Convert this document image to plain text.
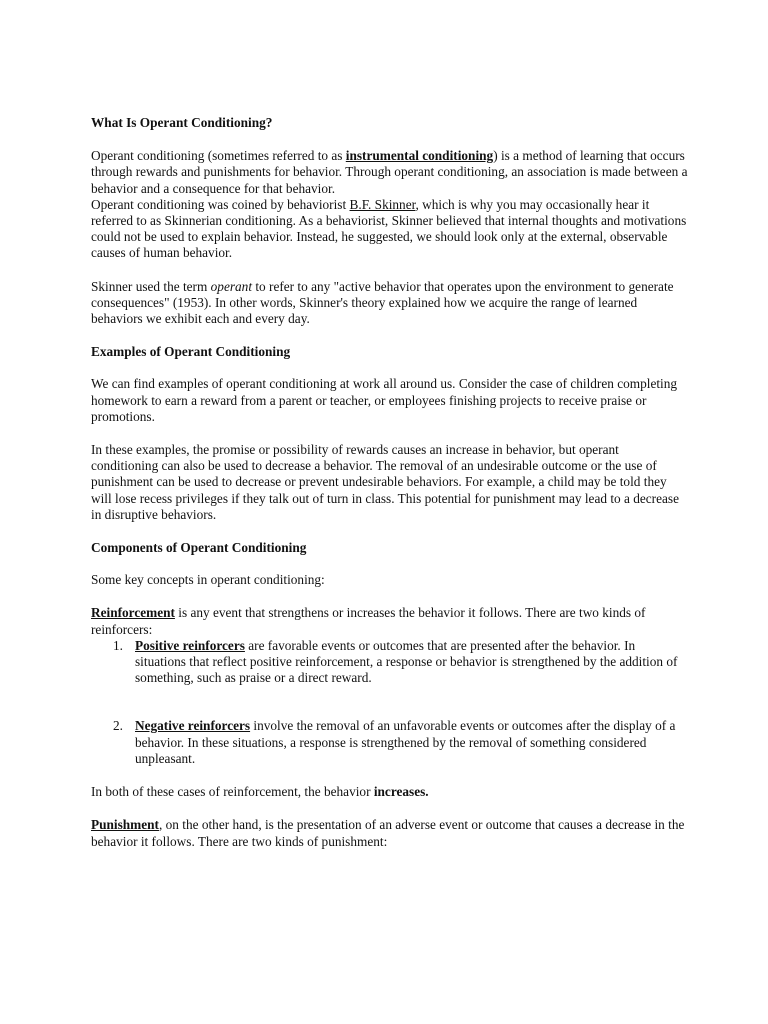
What Is Operant Conditioning?

Operant conditioning (sometimes referred to as instrumental conditioning) is a method of learning that occurs through rewards and punishments for behavior. Through operant conditioning, an association is made between a behavior and a consequence for that behavior.

Operant conditioning was coined by behaviorist B.F. Skinner, which is why you may occasionally hear it referred to as Skinnerian conditioning. As a behaviorist, Skinner believed that internal thoughts and motivations could not be used to explain behavior. Instead, he suggested, we should look only at the external, observable causes of human behavior.

Skinner used the term operant to refer to any "active behavior that operates upon the environment to generate consequences" (1953). In other words, Skinner's theory explained how we acquire the range of learned behaviors we exhibit each and every day.

Examples of Operant Conditioning

We can find examples of operant conditioning at work all around us. Consider the case of children completing homework to earn a reward from a parent or teacher, or employees finishing projects to receive praise or promotions.

In these examples, the promise or possibility of rewards causes an increase in behavior, but operant conditioning can also be used to decrease a behavior. The removal of an undesirable outcome or the use of punishment can be used to decrease or prevent undesirable behaviors. For example, a child may be told they will lose recess privileges if they talk out of turn in class. This potential for punishment may lead to a decrease in disruptive behaviors.

Components of Operant Conditioning

Some key concepts in operant conditioning:

Reinforcement is any event that strengthens or increases the behavior it follows. There are two kinds of reinforcers:

1. Positive reinforcers are favorable events or outcomes that are presented after the behavior. In situations that reflect positive reinforcement, a response or behavior is strengthened by the addition of something, such as praise or a direct reward.
2. Negative reinforcers involve the removal of an unfavorable events or outcomes after the display of a behavior. In these situations, a response is strengthened by the removal of something considered unpleasant.

In both of these cases of reinforcement, the behavior increases.

Punishment, on the other hand, is the presentation of an adverse event or outcome that causes a decrease in the behavior it follows. There are two kinds of punishment:
